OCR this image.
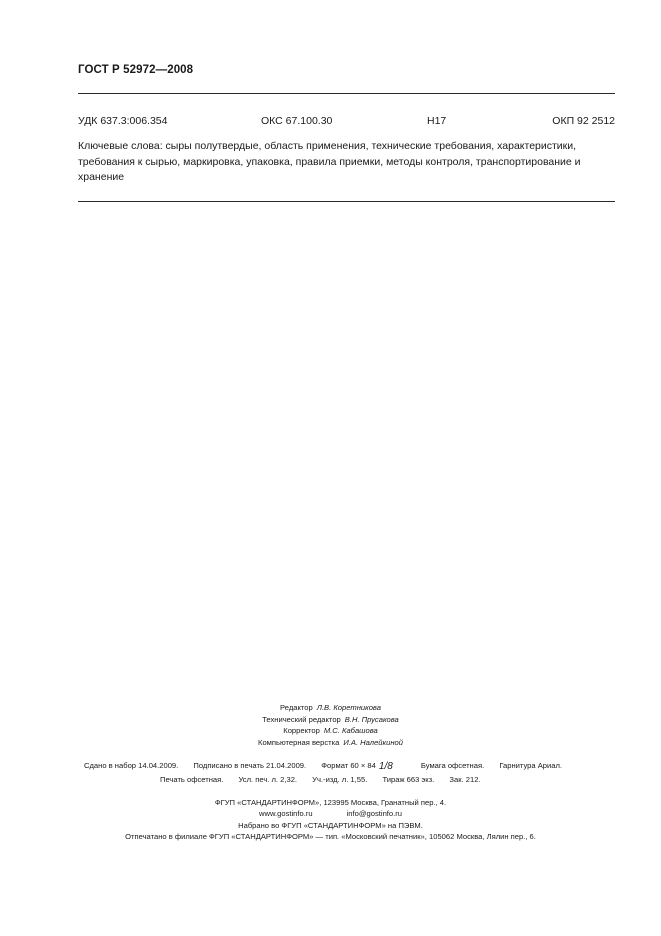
ГОСТ Р 52972—2008
УДК 637.3:006.354	ОКС 67.100.30	Н17	ОКП 92 2512
Ключевые слова: сыры полутвердые, область применения, технические требования, характеристики, требования к сырью, маркировка, упаковка, правила приемки, методы контроля, транспортирование и хранение
Редактор Л.В. Коретникова
Технический редактор В.Н. Прусакова
Корректор М.С. Кабашова
Компьютерная верстка И.А. Налейкиной
Сдано в набор 14.04.2009. Подписано в печать 21.04.2009. Формат 60 × 84 1/8	Бумага офсетная. Гарнитура Ариал.
Печать офсетная. Усл. печ. л. 2,32. Уч.-изд. л. 1,55. Тираж 663 экз. Зак. 212.
ФГУП «СТАНДАРТИНФОРМ», 123995 Москва, Гранатный пер., 4.
www.gostinfo.ru	info@gostinfo.ru
Набрано во ФГУП «СТАНДАРТИНФОРМ» на ПЭВМ.
Отпечатано в филиале ФГУП «СТАНДАРТИНФОРМ» — тип. «Московский печатник», 105062 Москва, Лялин пер., 6.
